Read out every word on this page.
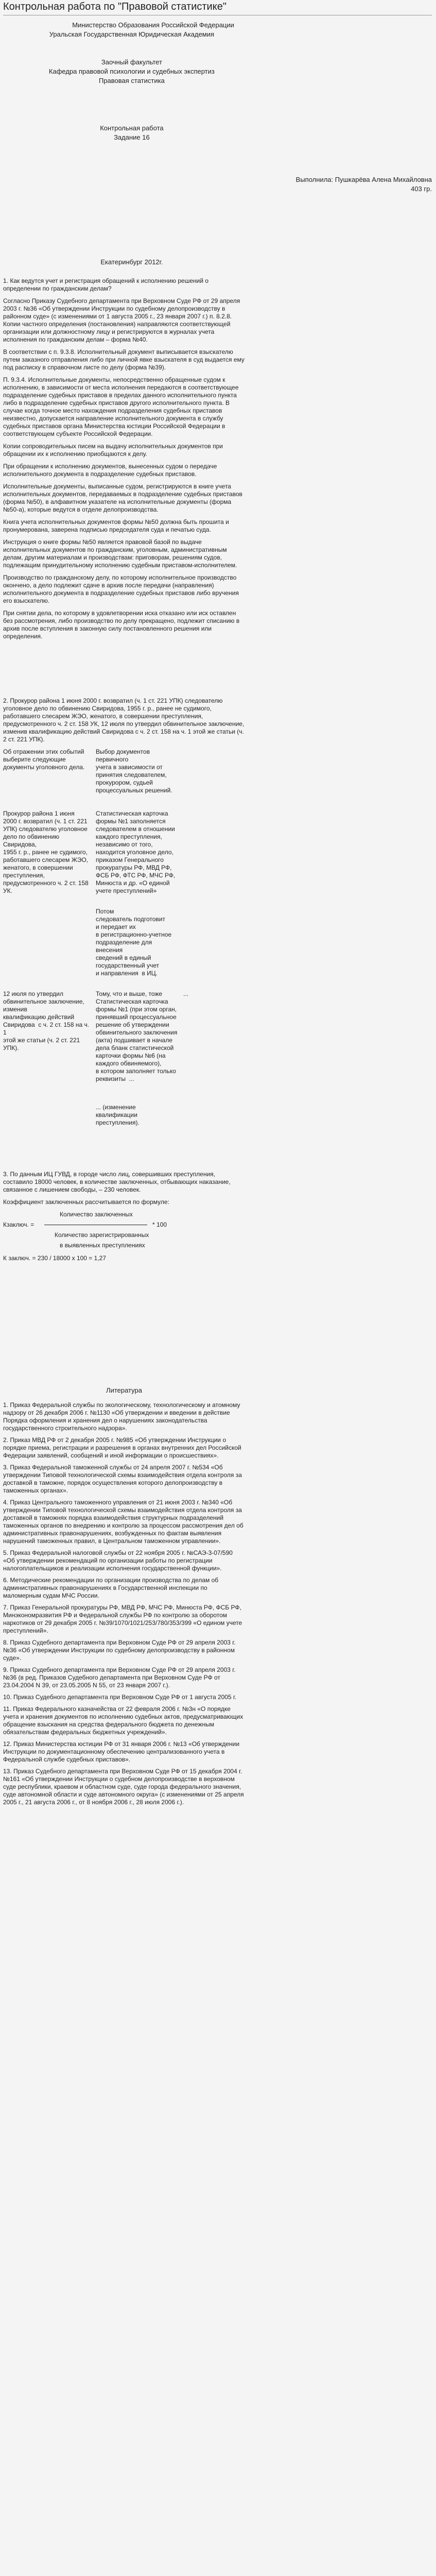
Контрольная работа по "Правовой статистике"
Министерство Образования Российской Федерации
Уральская Государственная Юридическая Академия
Заочный факультет
Кафедра правовой психологии и судебных экспертиз
Правовая статистика
Контрольная работа
Задание 16
Выполнила: Пушкарёва Алена Михайловна
403 гр.
Екатеринбург 2012г.
1. Как ведутся учет и регистрация обращений к исполнению решений о определении по гражданским делам?
Согласно Приказу Судебного департамента при Верховном Суде РФ от 29 апреля 2003 г. №36 «Об утверждении Инструкции по судебному делопроизводству в районном суде» (с изменениями от 1 августа 2005 г., 23 января 2007 г.) п. 8.2.8. Копии частного определения (постановления) направляются соответствующей организации или должностному лицу и регистрируются в журналах учета исполнения по гражданским делам – форма №40.
В соответствии с п. 9.3.8. Исполнительный документ выписывается взыскателю путем заказного отправления либо при личной явке взыскателя в суд выдается ему под расписку в справочном листе по делу (форма №39).
П. 9.3.4. Исполнительные документы, непосредственно обращенные судом к исполнению, в зависимости от места исполнения передаются в соответствующее подразделение судебных приставов в пределах данного исполнительного пункта либо в подразделение судебных приставов другого исполнительного пункта. В случае когда точное место нахождения подразделения судебных приставов неизвестно, допускается направление исполнительного документа в службу судебных приставов органа Министерства юстиции Российской Федерации в соответствующем субъекте Российской Федерации.
Копии сопроводительных писем на выдачу исполнительных документов при обращении их к исполнению приобщаются к делу.
При обращении к исполнению документов, вынесенных судом о передаче исполнительного документа в подразделение судебных приставов.
Исполнительные документы, выписанные судом, регистрируются в книге учета исполнительных документов, передаваемых в подразделение судебных приставов (форма №50), в алфавитном указателе на исполнительные документы (форма №50-а), которые ведутся в отделе делопроизводства.
Книга учета исполнительных документов формы №50 должна быть прошита и пронумерована, заверена подписью председателя суда и печатью суда.
Инструкция о книге формы №50 является правовой базой по выдаче исполнительных документов по гражданским, уголовным, административным делам, другим материалам и производствам: приговорам, решениям судов, подлежащим принудительному исполнению судебным приставом-исполнителем.
Производство по гражданскому делу, по которому исполнительное производство окончено, а дело подлежит сдаче в архив после передачи (направления) исполнительного документа в подразделение судебных приставов либо вручения его взыскателю.
При снятии дела, по которому в удовлетворении иска отказано или иск оставлен без рассмотрения, либо производство по делу прекращено, подлежит списанию в архив после вступления в законную силу постановленного решения или определения.
2. Прокурор района 1 июня 2000 г. возвратил (ч. 1 ст. 221 УПК) следователю уголовное дело по обвинению Свиридова, 1955 г. р., ранее не судимого, работавшего слесарем ЖЭО, женатого, в совершении преступления, предусмотренного ч. 2 ст. 158 УК, 12 июля по утвердил обвинительное заключение, изменив квалификацию действий Свиридова с ч. 2 ст. 158 на ч. 1 этой же статьи (ч. 2 ст. 221 УПК).
Об отражении этих событий выберите следующие документы уголовного дела.
Выбор документов
первичного
учета в зависимости от
принятия следователем,
прокурором, судьей
процессуальных решений.
Прокурор района 1 июня
2000 г. возвратил (ч. 1 ст. 221
УПК) следователю уголовное
дело по обвинению Свиридова,
1955 г. р., ранее не судимого,
работавшего слесарем ЖЭО,
женатого, в совершении
преступления,
предусмотренного ч. 2 ст. 158
УК.
Статистическая карточка
формы №1 заполняется
следователем в отношении
каждого преступления,
независимо от того,
находится уголовное дело,
приказом Генерального
прокуратуры РФ, МВД РФ,
ФСБ РФ, ФТС РФ, МЧС РФ,
Минюста и др. «О единой
учете преступлений»
Потом
следователь подготовит
и передает их
в регистрационно-учетное
подразделение для внесения
сведений в единый
государственный учет
и направления  в ИЦ.
12 июля по утвердил
обвинительное заключение,
изменив
квалификацию действий
Свиридова  с ч. 2 ст. 158 на ч. 1
этой же статьи (ч. 2 ст. 221
УПК).
Тому, что и выше, тоже
Статистическая карточка
формы №1 (при этом орган,
принявший процессуальное
решение об утверждении
обвинительного заключения
(акта) подшивает в начале
дела бланк статистической
карточки формы №6 (на
каждого обвиняемого),
в котором заполняет только
реквизиты  ...
...
... (изменение
квалификации
преступления).
3. По данным ИЦ ГУВД, в городе число лиц, совершивших преступления, составило 18000 человек, в количестве заключенных, отбывающих наказание, связанное с лишением свободы, – 230 человек.
Коэффициент заключенных рассчитывается по формуле:
Количество заключенных
Кзаключ. =	* 100
Количество зарегистрированных
в выявленных преступлениях
К заключ. = 230 / 18000 x 100 = 1,27
Литература
1. Приказ Федеральной службы по экологическому, технологическому и атомному надзору от 26 декабря 2006 г. №1130 «Об утверждении и введении в действие Порядка оформления и хранения дел о нарушениях законодательства государственного строительного надзора».
2. Приказ МВД РФ от 2 декабря 2005 г. №985 «Об утверждении Инструкции о порядке приема, регистрации и разрешения в органах внутренних дел Российской Федерации заявлений, сообщений и иной информации о происшествиях».
3. Приказ Федеральной таможенной службы от 24 апреля 2007 г. №534 «Об утверждении Типовой технологической схемы взаимодействия отдела контроля за доставкой в таможне, порядок осуществления которого делопроизводству в таможенных органах».
4. Приказ Центрального таможенного управления от 21 июня 2003 г. №340 «Об утверждении Типовой технологической схемы взаимодействия отдела контроля за доставкой в таможнях порядка взаимодействия структурных подразделений таможенных органов по внедрению и контролю за процессом рассмотрения дел об административных правонарушениях, возбужденных по фактам выявления нарушений таможенных правил, в Центральном таможенном управлении».
5. Приказ Федеральной налоговой службы от 22 ноября 2005 г. №САЭ-3-07/590 «Об утверждении рекомендаций по организации работы по регистрации налогоплательщиков и реализации исполнения государственной функции».
6. Методические рекомендации по организации производства по делам об административных правонарушениях в Государственной инспекции по маломерным судам МЧС России.
7. Приказ Генеральной прокуратуры РФ, МВД РФ, МЧС РФ, Минюста РФ, ФСБ РФ, Минэкономразвития РФ и Федеральной службы РФ по контролю за оборотом наркотиков от 29 декабря 2005 г. №39/1070/1021/253/780/353/399 «О едином учете преступлений».
8. Приказ Судебного департамента при Верховном Суде РФ от 29 апреля 2003 г. №36 «Об утверждении Инструкции по судебному делопроизводству в районном суде».
9. Приказ Судебного департамента при Верховном Суде РФ от 29 апреля 2003 г. №36 (в ред. Приказов Судебного департамента при Верховном Суде РФ от 23.04.2004 N 39, от 23.05.2005 N 55, от 23 января 2007 г.).
10. Приказ Судебного департамента при Верховном Суде РФ от 1 августа 2005 г.
11. Приказ Федерального казначейства от 22 февраля 2006 г. №3н «О порядке учета и хранения документов по исполнению судебных актов, предусматривающих обращение взыскания на средства федерального бюджета по денежным обязательствам федеральных бюджетных учреждений».
12. Приказ Министерства юстиции РФ от 31 января 2006 г. №13 «Об утверждении Инструкции по документационному обеспечению централизованного учета в Федеральной службе судебных приставов».
13. Приказ Судебного департамента при Верховном Суде РФ от 15 декабря 2004 г. №161 «Об утверждении Инструкции о судебном делопроизводстве в верховном суде республики, краевом и областном суде, суде города федерального значения, суде автономной области и суде автономного округа» (с изменениями от 25 апреля 2005 г., 21 августа 2006 г., от 8 ноября 2006 г., 28 июля 2006 г.).
